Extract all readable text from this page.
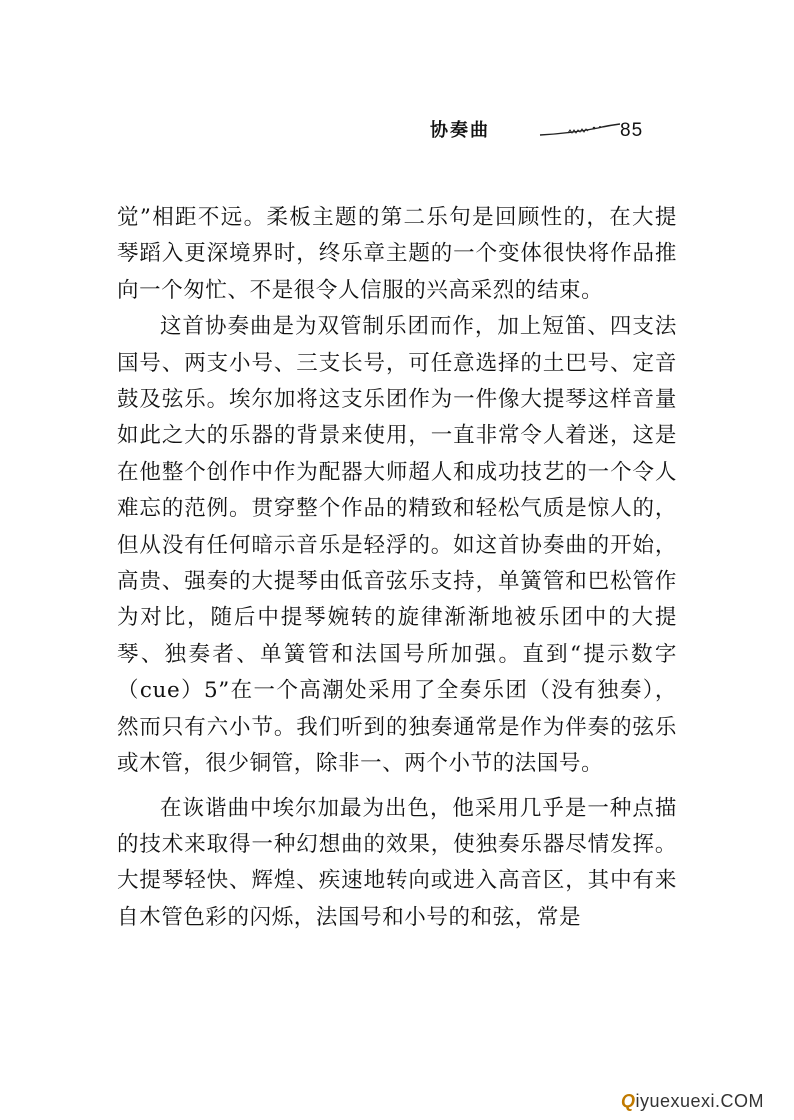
协奏曲	85

觉”相距不远。柔板主题的第二乐句是回顾性的，在大提琴蹈入更深境界时，终乐章主题的一个变体很快将作品推向一个匆忙、不是很令人信服的兴高采烈的结束。

这首协奏曲是为双管制乐团而作，加上短笛、四支法国号、两支小号、三支长号，可任意选择的土巴号、定音鼓及弦乐。埃尔加将这支乐团作为一件像大提琴这样音量如此之大的乐器的背景来使用，一直非常令人着迷，这是在他整个创作中作为配器大师超人和成功技艺的一个令人难忘的范例。贯穿整个作品的精致和轻松气质是惊人的，但从没有任何暗示音乐是轻浮的。如这首协奏曲的开始，高贵、强奏的大提琴由低音弦乐支持，单簧管和巴松管作为对比，随后中提琴婉转的旋律渐渐地被乐团中的大提琴、独奏者、单簧管和法国号所加强。直到“提示数字（cue）5”在一个高潮处采用了全奏乐团（没有独奏），然而只有六小节。我们听到的独奏通常是作为伴奏的弦乐或木管，很少铜管，除非一、两个小节的法国号。

在诙谐曲中埃尔加最为出色，他采用几乎是一种点描的技术来取得一种幻想曲的效果，使独奏乐器尽情发挥。大提琴轻快、辉煌、疾速地转向或进入高音区，其中有来自木管色彩的闪烁，法国号和小号的和弦，常是

Qiyuexuexi.COM
